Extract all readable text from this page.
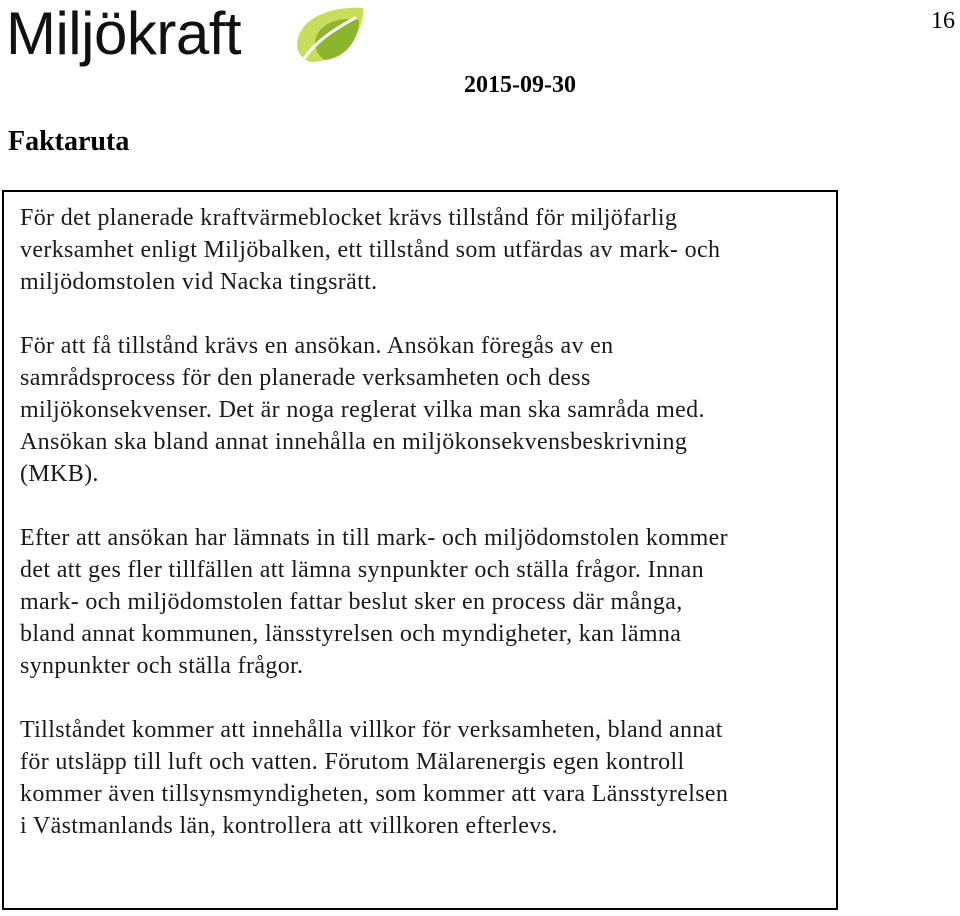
Miljökraft	16
2015-09-30
Faktaruta

För det planerade kraftvärmeblocket krävs tillstånd för miljöfarlig
verksamhet enligt Miljöbalken, ett tillstånd som utfärdas av mark- och
miljödomstolen vid Nacka tingsrätt.

För att få tillstånd krävs en ansökan. Ansökan föregås av en
samrådsprocess för den planerade verksamheten och dess
miljökonsekvenser. Det är noga reglerat vilka man ska samråda med.
Ansökan ska bland annat innehålla en miljökonsekvensbeskrivning
(MKB).

Efter att ansökan har lämnats in till mark- och miljödomstolen kommer
det att ges fler tillfällen att lämna synpunkter och ställa frågor. Innan
mark- och miljödomstolen fattar beslut sker en process där många,
bland annat kommunen, länsstyrelsen och myndigheter, kan lämna
synpunkter och ställa frågor.

Tillståndet kommer att innehålla villkor för verksamheten, bland annat
för utsläpp till luft och vatten. Förutom Mälarenergis egen kontroll
kommer även tillsynsmyndigheten, som kommer att vara Länsstyrelsen
i Västmanlands län, kontrollera att villkoren efterlevs.
